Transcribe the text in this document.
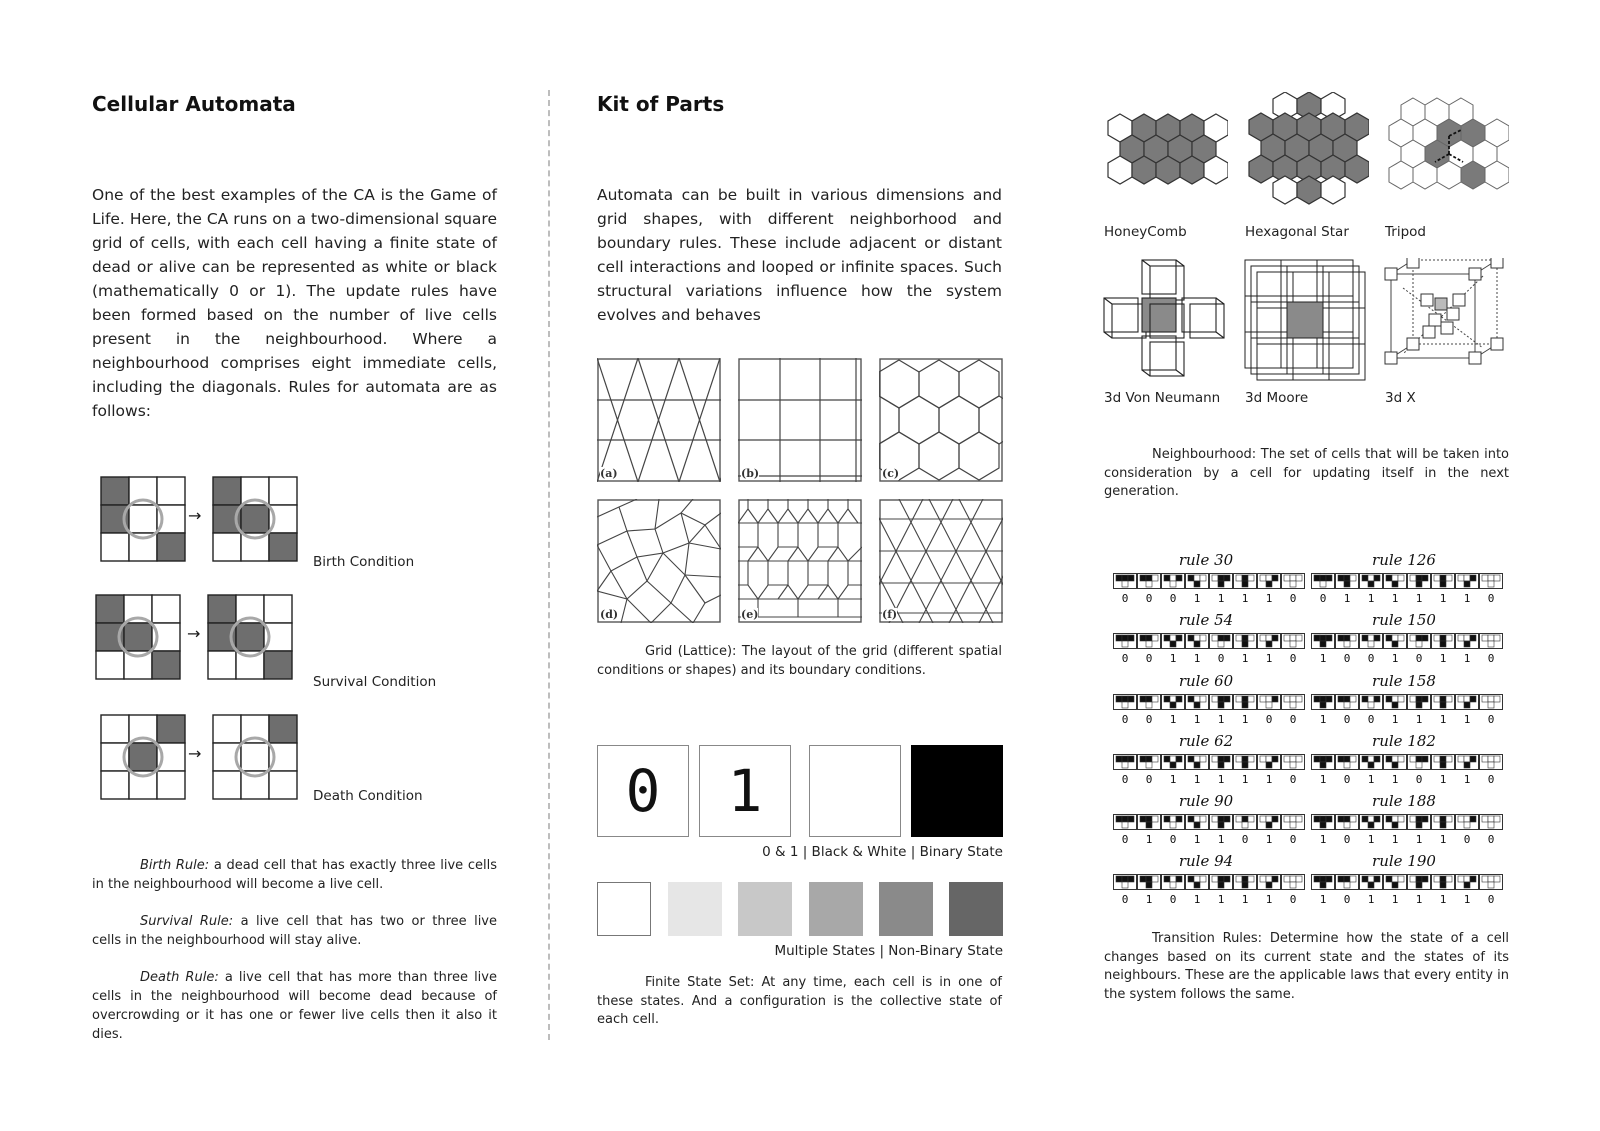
Cellular Automata
One of the best examples of the CA is the Game of Life. Here, the CA runs on a two-dimensional square grid of cells, with each cell having a finite state of dead or alive can be represented as white or black (mathematically 0 or 1). The update rules have been formed based on the number of live cells present in the neighbourhood. Where a neighbourhood comprises eight immediate cells, including the diagonals. Rules for automata are as follows:
→
Birth Condition
→
Survival Condition
→
Death Condition

Birth Rule: a dead cell that has exactly three live cells in the neighbourhood will become a live cell.

Survival Rule: a live cell that has two or three live cells in the neighbourhood will stay alive.

Death Rule: a live cell that has more than three live cells in the neighbourhood will become dead because of overcrowding or it has one or fewer live cells then it also it dies.

Kit of Parts
Automata can be built in various dimensions and grid shapes, with different neighborhood and boundary rules. These include adjacent or distant cell interactions and looped or infinite spaces. Such structural variations influence how the system evolves and behaves
(a)	(b)	(c)
(d)	(e)	(f)
Grid (Lattice): The layout of the grid (different spatial conditions or shapes) and its boundary conditions.
0	1
0 & 1 | Black & White | Binary State
Multiple States | Non-Binary State
Finite State Set: At any time, each cell is in one of these states. And a configuration is the collective state of each cell.
HoneyComb	Hexagonal Star	Tripod
3d Von Neumann 3d Moore	3d X
Neighbourhood: The set of cells that will be taken into consideration by a cell for updating itself in the next generation.
rule 30
0	0	0	1	1	1	1	0
rule 126
0	1	1	1	1	1	1	0
rule 54
0	0	1	1	0	1	1	0
rule 150
1	0	0	1	0	1	1	0
rule 60
0	0	1	1	1	1	0	0
rule 158
1	0	0	1	1	1	1	0
rule 62
0	0	1	1	1	1	1	0
rule 182
1	0	1	1	0	1	1	0
rule 90
0	1	0	1	1	0	1	0
rule 188
1	0	1	1	1	1	0	0
rule 94
0	1	0	1	1	1	1	0
rule 190
1	0	1	1	1	1	1	0
Transition Rules: Determine how the state of a cell changes based on its current state and the states of its neighbours. These are the applicable laws that every entity in the system follows the same.
